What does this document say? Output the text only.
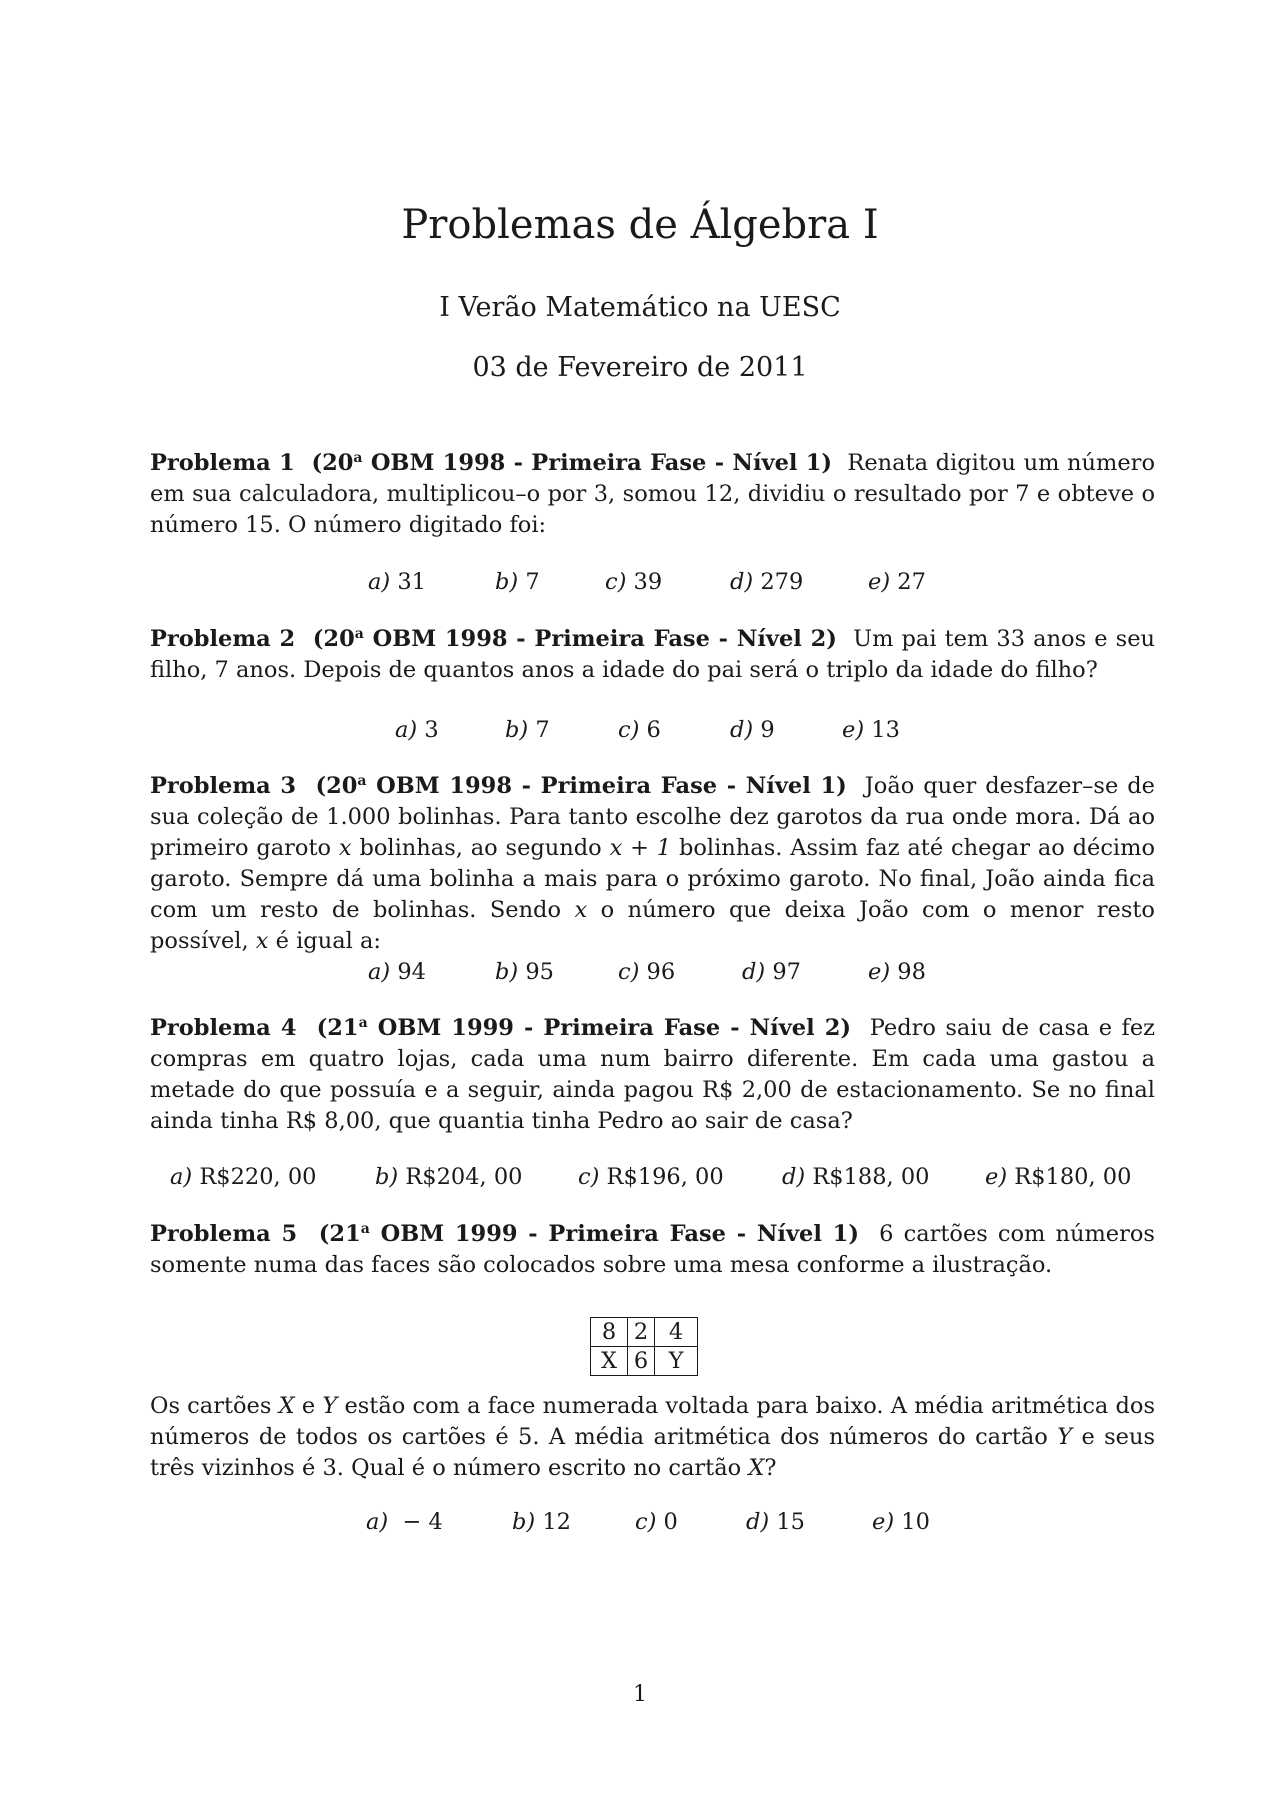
Problemas de Álgebra I
I Verão Matemático na UESC
03 de Fevereiro de 2011
Problema 1 (20$^a$ OBM 1998 - Primeira Fase - Nível 1) Renata digitou um número em sua calculadora, multiplicou–o por 3, somou 12, dividiu o resultado por 7 e obteve o número 15. O número digitado foi:
a) 31	b) 7	c) 39	d) 279	e) 27
Problema 2 (20$^a$ OBM 1998 - Primeira Fase - Nível 2) Um pai tem 33 anos e seu filho, 7 anos. Depois de quantos anos a idade do pai será o triplo da idade do filho?
a) 3	b) 7	c) 6	d) 9	e) 13
Problema 3 (20$^a$ OBM 1998 - Primeira Fase - Nível 1) João quer desfazer–se de sua coleção de 1.000 bolinhas. Para tanto escolhe dez garotos da rua onde mora. Dá ao primeiro garoto x bolinhas, ao segundo x + 1 bolinhas. Assim faz até chegar ao décimo garoto. Sempre dá uma bolinha a mais para o próximo garoto. No final, João ainda fica com um resto de bolinhas. Sendo x o número que deixa João com o menor resto possível, x é igual a:
a) 94	b) 95	c) 96	d) 97	e) 98
Problema 4 (21$^a$ OBM 1999 - Primeira Fase - Nível 2) Pedro saiu de casa e fez compras em quatro lojas, cada uma num bairro diferente. Em cada uma gastou a metade do que possuía e a seguir, ainda pagou R$ 2,00 de estacionamento. Se no final ainda tinha R$ 8,00, que quantia tinha Pedro ao sair de casa?
a) R$220, 00	b) R$204, 00 c) R$196, 00	d) R$188, 00 e) R$180, 00
Problema 5 (21$^a$ OBM 1999 - Primeira Fase - Nível 1) 6 cartões com números somente numa das faces são colocados sobre uma mesa conforme a ilustração.
8	2	4
X	6	Y
Os cartões X e Y estão com a face numerada voltada para baixo. A média aritmética dos números de todos os cartões é 5. A média aritmética dos números do cartão Y e seus três vizinhos é 3. Qual é o número escrito no cartão X?
a) − 4	b) 12	c) 0	d) 15	e) 10
1
